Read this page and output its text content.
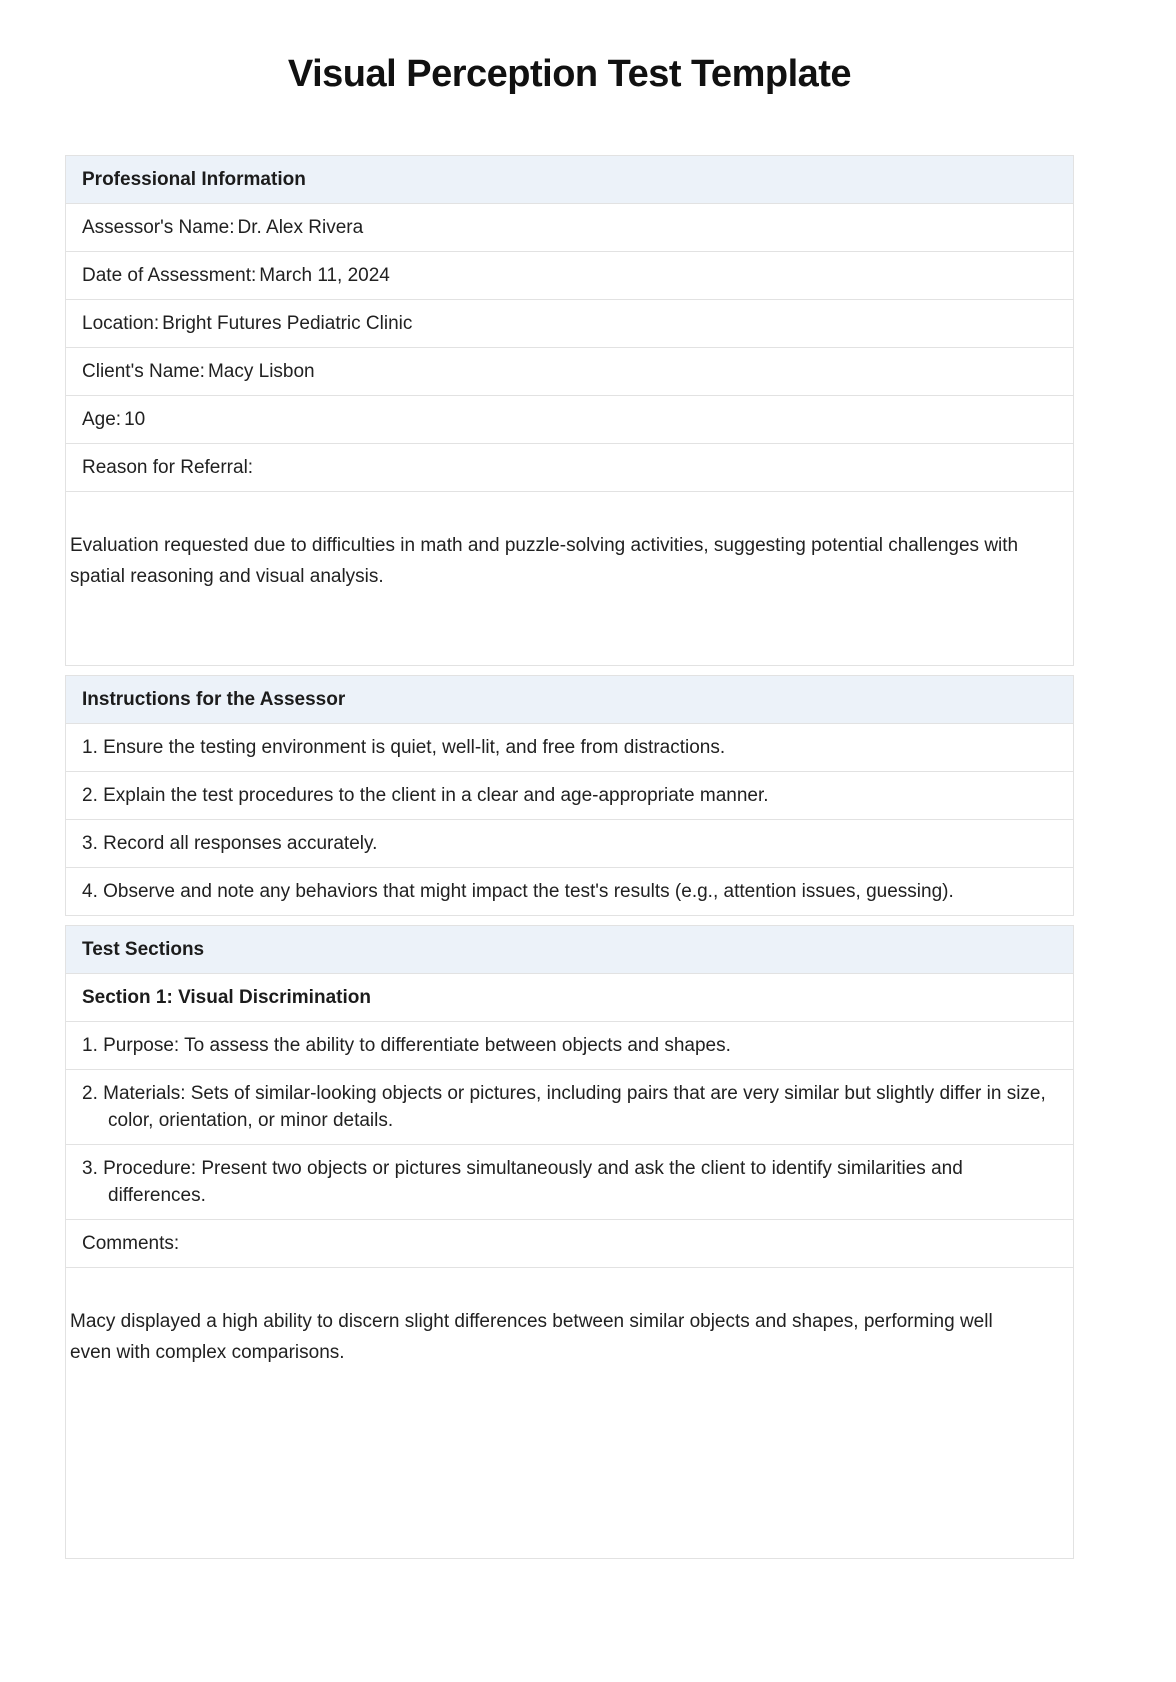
Visual Perception Test Template
Professional Information
Assessor's Name: Dr. Alex Rivera
Date of Assessment: March 11, 2024
Location: Bright Futures Pediatric Clinic
Client's Name: Macy Lisbon
Age: 10
Reason for Referral:

Evaluation requested due to difficulties in math and puzzle-solving activities, suggesting potential challenges with spatial reasoning and visual analysis.

Instructions for the Assessor
1. Ensure the testing environment is quiet, well-lit, and free from distractions.
2. Explain the test procedures to the client in a clear and age-appropriate manner.
3. Record all responses accurately.
4. Observe and note any behaviors that might impact the test's results (e.g., attention issues, guessing).
Test Sections
Section 1: Visual Discrimination
1. Purpose: To assess the ability to differentiate between objects and shapes.
2. Materials: Sets of similar-looking objects or pictures, including pairs that are very similar but slightly differ in size, color, orientation, or minor details.
3. Procedure: Present two objects or pictures simultaneously and ask the client to identify similarities and differences.
Comments:

Macy displayed a high ability to discern slight differences between similar objects and shapes, performing well even with complex comparisons.
